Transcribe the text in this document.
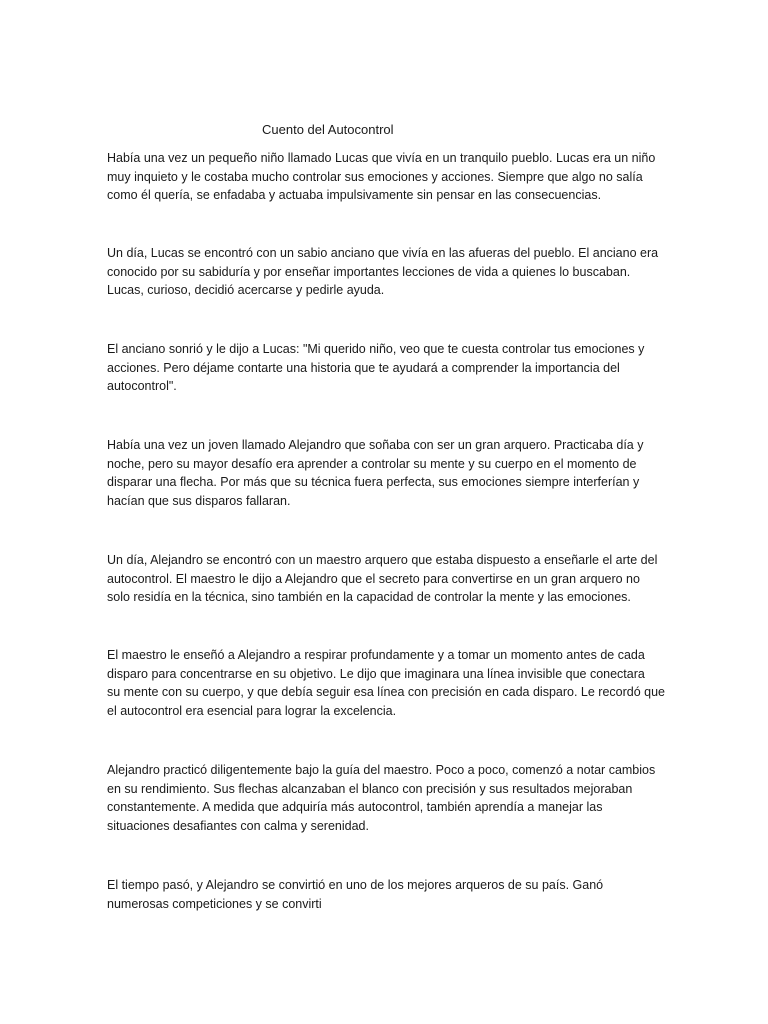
Cuento del Autocontrol
Había una vez un pequeño niño llamado Lucas que vivía en un tranquilo pueblo. Lucas era un niño
muy inquieto y le costaba mucho controlar sus emociones y acciones. Siempre que algo no salía
como él quería, se enfadaba y actuaba impulsivamente sin pensar en las consecuencias.
Un día, Lucas se encontró con un sabio anciano que vivía en las afueras del pueblo. El anciano era
conocido por su sabiduría y por enseñar importantes lecciones de vida a quienes lo buscaban.
Lucas, curioso, decidió acercarse y pedirle ayuda.
El anciano sonrió y le dijo a Lucas: "Mi querido niño, veo que te cuesta controlar tus emociones y
acciones. Pero déjame contarte una historia que te ayudará a comprender la importancia del
autocontrol".
Había una vez un joven llamado Alejandro que soñaba con ser un gran arquero. Practicaba día y
noche, pero su mayor desafío era aprender a controlar su mente y su cuerpo en el momento de
disparar una flecha. Por más que su técnica fuera perfecta, sus emociones siempre interferían y
hacían que sus disparos fallaran.
Un día, Alejandro se encontró con un maestro arquero que estaba dispuesto a enseñarle el arte del
autocontrol. El maestro le dijo a Alejandro que el secreto para convertirse en un gran arquero no
solo residía en la técnica, sino también en la capacidad de controlar la mente y las emociones.
El maestro le enseñó a Alejandro a respirar profundamente y a tomar un momento antes de cada
disparo para concentrarse en su objetivo. Le dijo que imaginara una línea invisible que conectara
su mente con su cuerpo, y que debía seguir esa línea con precisión en cada disparo. Le recordó que
el autocontrol era esencial para lograr la excelencia.
Alejandro practicó diligentemente bajo la guía del maestro. Poco a poco, comenzó a notar cambios
en su rendimiento. Sus flechas alcanzaban el blanco con precisión y sus resultados mejoraban
constantemente. A medida que adquiría más autocontrol, también aprendía a manejar las
situaciones desafiantes con calma y serenidad.
El tiempo pasó, y Alejandro se convirtió en uno de los mejores arqueros de su país. Ganó
numerosas competiciones y se convirti
